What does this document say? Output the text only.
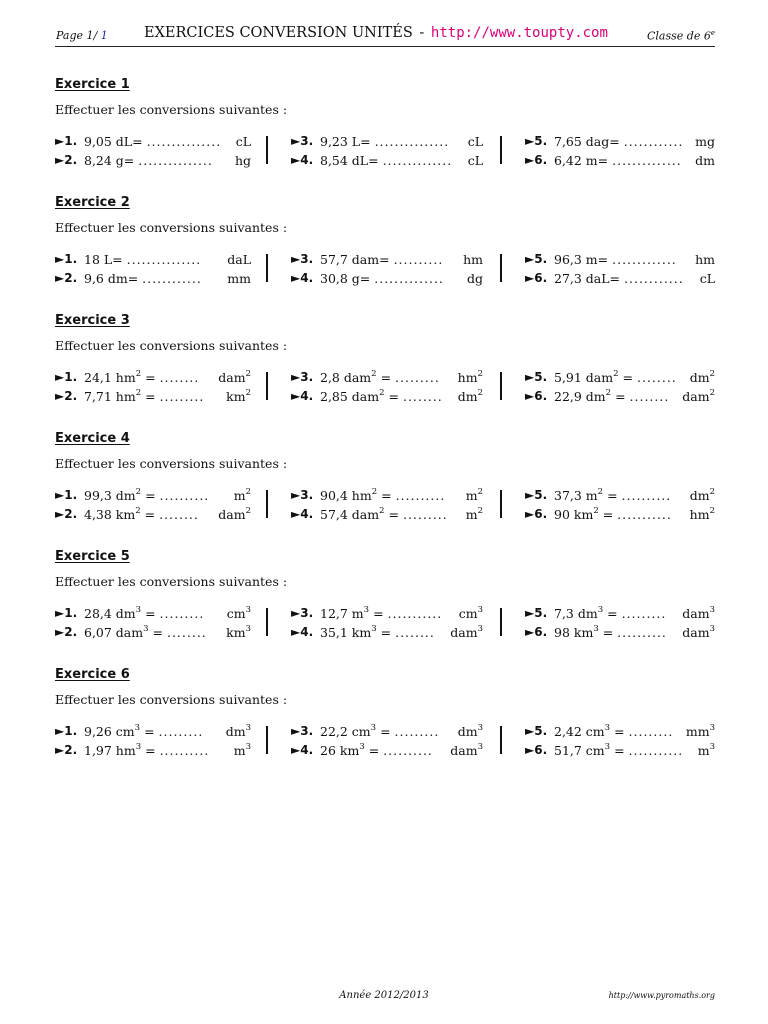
Page 1/ 1	EXERCICES CONVERSION UNITÉS - http://www.toupty.com	Classe de 6e
Exercice 1
Effectuer les conversions suivantes :
►1. 9,05 dL= ............... cL
►2. 8,24 g= ............... hg
►3. 9,23 L= ............... cL
►4. 8,54 dL= .............. cL
►5. 7,65 dag= ............ mg
►6. 6,42 m= .............. dm
Exercice 2
Effectuer les conversions suivantes :
►1. 18 L= ............... daL
►2. 9,6 dm= ............ mm
►3. 57,7 dam= .......... hm
►4. 30,8 g= .............. dg
►5. 96,3 m= ............. hm
►6. 27,3 daL= ............ cL
Exercice 3
Effectuer les conversions suivantes :
►1. 24,1 $hm^2$ = ........ dam$^2$
►2. 7,71 $hm^2$ = ......... $km^2$
►3. 2,8 dam$^2$ = ......... $hm^2$
►4. 2,85 dam$^2$ = ........ $dm^2$
►5. 5,91 dam$^2$ = ........ $dm^2$
►6. 22,9 $dm^2$ = ........ dam$^2$
Exercice 4
Effectuer les conversions suivantes :
►1. 99,3 $dm^2$ = .......... $m^2$
►2. 4,38 $km^2$ = ........ dam$^2$
►3. 90,4 $hm^2$ = .......... $m^2$
►4. 57,4 dam$^2$ = ......... $m^2$
►5. 37,3 $m^2$ = .......... $dm^2$
►6. 90 $km^2$ = ........... $hm^2$
Exercice 5
Effectuer les conversions suivantes :
►1. 28,4 $dm^3$ = ......... $cm^3$
►2. 6,07 dam$^3$ = ........ $km^3$
►3. 12,7 $m^3$ = ........... $cm^3$
►4. 35,1 $km^3$ = ........ dam$^3$
►5. 7,3 $dm^3$ = ......... dam$^3$
►6. 98 $km^3$ = .......... dam$^3$
Exercice 6
Effectuer les conversions suivantes :
►1. 9,26 $cm^3$ = ......... $dm^3$
►2. 1,97 $hm^3$ = .......... $m^3$
►3. 22,2 $cm^3$ = ......... $dm^3$
►4. 26 $km^3$ = .......... dam$^3$
►5. 2,42 $cm^3$ = ......... $mm^3$
►6. 51,7 $cm^3$ = ........... $m^3$
Année 2012/2013	http://www.pyromaths.org
